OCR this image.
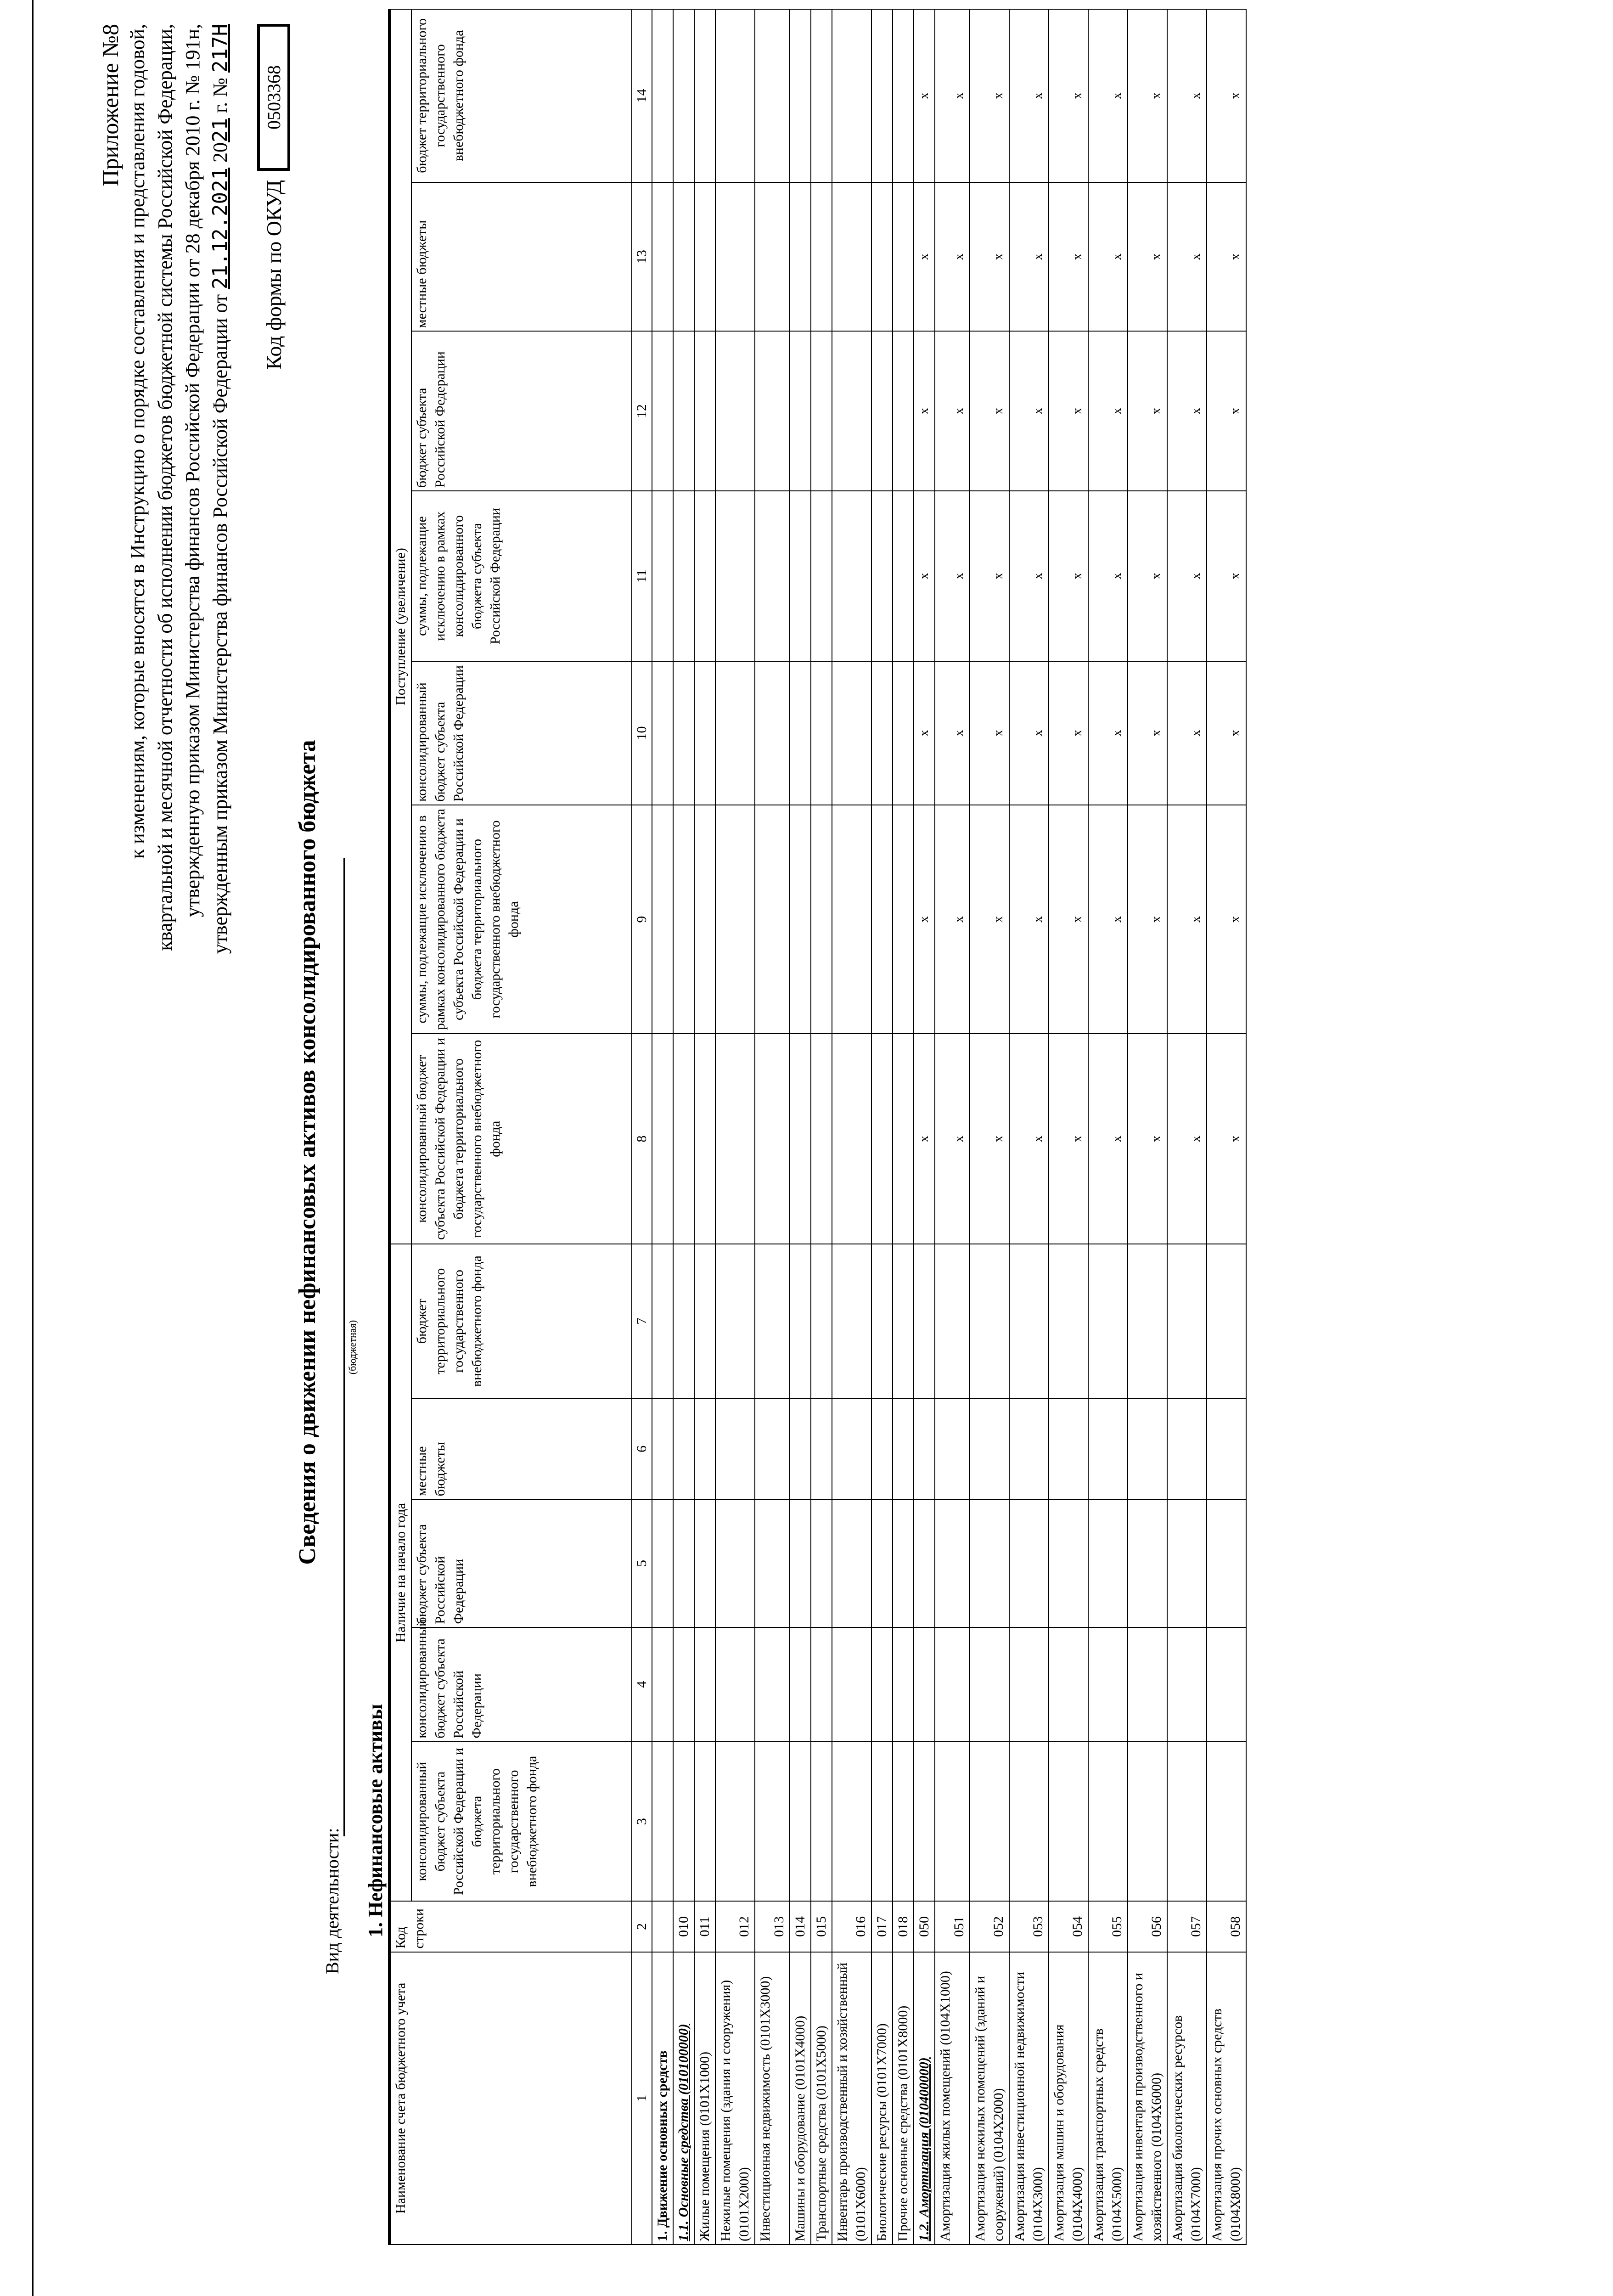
Приложение №8 к изменениям, которые вносятся в Инструкцию о порядке составления и представления годовой, квартальной и месячной отчетности об исполнении бюджетов бюджетной системы Российской Федерации, утвержденную приказом Министерства финансов Российской Федерации от 28 декабря 2010 г. № 191н, утвержденным приказом Министерства финансов Российской Федерации от 21.12.2021 2021 г. № 217Н
Код формы по ОКУД
0503368
Сведения о движении нефинансовых активов консолидированного бюджета
Вид деятельности:
(бюджетная)
1. Нефинансовые активы
Наименование счета бюджетного учета	Код строки	Наличие на начало года					Поступление (увеличение)						
		консолидированный бюджет субъекта Российской Федерации и бюджета территориального государственного внебюджетного фонда	консолидированный бюджет субъекта Российской Федерации	бюджет субъекта Российской Федерации	местные бюджеты	бюджет территориального государственного внебюджетного фонда	консолидированный бюджет субъекта Российской Федерации и бюджета территориального государственного внебюджетного фонда	суммы, подлежащие исключению в рамках консолидированного бюджета субъекта Российской Федерации и бюджета территориального государственного внебюджетного фонда	консолидированный бюджет субъекта Российской Федерации	суммы, подлежащие исключению в рамках консолидированного бюджета субъекта Российской Федерации	бюджет субъекта Российской Федерации	местные бюджеты	бюджет территориального государственного внебюджетного фонда
1	2	3	4	5	6	7	8	9	10	11	12	13	14
1. Движение основных средств													
1.1. Основные средства (010100000)	010												
Жилые помещения (0101X1000)	011												
Нежилые помещения (здания и сооружения) (0101X2000)	012												
Инвестиционная недвижимость (0101X3000)	013												
Машины и оборудование (0101X4000)	014												
Транспортные средства (0101X5000)	015												
Инвентарь производственный и хозяйственный (0101X6000)	016												
Биологические ресурсы (0101X7000)	017												
Прочие основные средства (0101X8000)	018												
1.2. Амортизация (010400000)	050						х	х	х	х	х	х	х
Амортизация жилых помещений (0104X1000)	051						х	х	х	х	х	х	х
Амортизация нежилых помещений (зданий и сооружений) (0104X2000)	052						х	х	х	х	х	х	х
Амортизация инвестиционной недвижимости (0104X3000)	053						х	х	х	х	х	х	х
Амортизация машин и оборудования (0104X4000)	054						х	х	х	х	х	х	х
Амортизация транспортных средств (0104X5000)	055						х	х	х	х	х	х	х
Амортизация инвентаря производственного и хозяйственного (0104X6000)	056						х	х	х	х	х	х	х
Амортизация биологических ресурсов (0104X7000)	057						х	х	х	х	х	х	х
Амортизация прочих основных средств (0104X8000)	058						х	х	х	х	х	х	х
